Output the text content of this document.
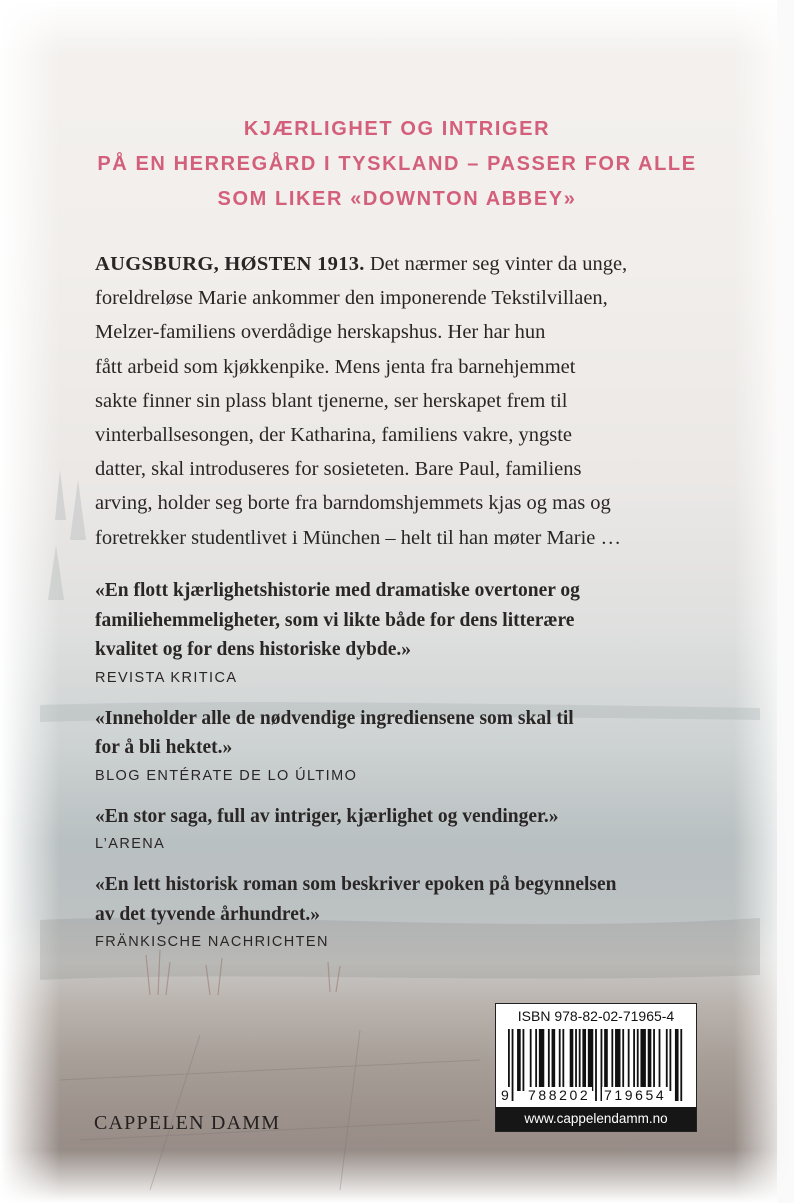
KJÆRLIGHET OG INTRIGER
PÅ EN HERREGÅRD I TYSKLAND – PASSER FOR ALLE
SOM LIKER «DOWNTON ABBEY»
AUGSBURG, HØSTEN 1913. Det nærmer seg vinter da unge,
foreldreløse Marie ankommer den imponerende Tekstilvillaen,
Melzer-familiens overdådige herskapshus. Her har hun
fått arbeid som kjøkkenpike. Mens jenta fra barnehjemmet
sakte finner sin plass blant tjenerne, ser herskapet frem til
vinterballsesongen, der Katharina, familiens vakre, yngste
datter, skal introduseres for sosieteten. Bare Paul, familiens
arving, holder seg borte fra barndomshjemmets kjas og mas og
foretrekker studentlivet i München – helt til han møter Marie …
«En flott kjærlighetshistorie med dramatiske overtoner og
familiehemmeligheter, som vi likte både for dens litterære
kvalitet og for dens historiske dybde.»
REVISTA KRITICA
«Inneholder alle de nødvendige ingrediensene som skal til
for å bli hektet.»
BLOG ENTÉRATE DE LO ÚLTIMO
«En stor saga, full av intriger, kjærlighet og vendinger.»
L’ARENA
«En lett historisk roman som beskriver epoken på begynnelsen
av det tyvende århundret.»
FRÄNKISCHE NACHRICHTEN
CAPPELEN DAMM
ISBN 978-82-02-71965-4
9 788202 719654
www.cappelendamm.no
